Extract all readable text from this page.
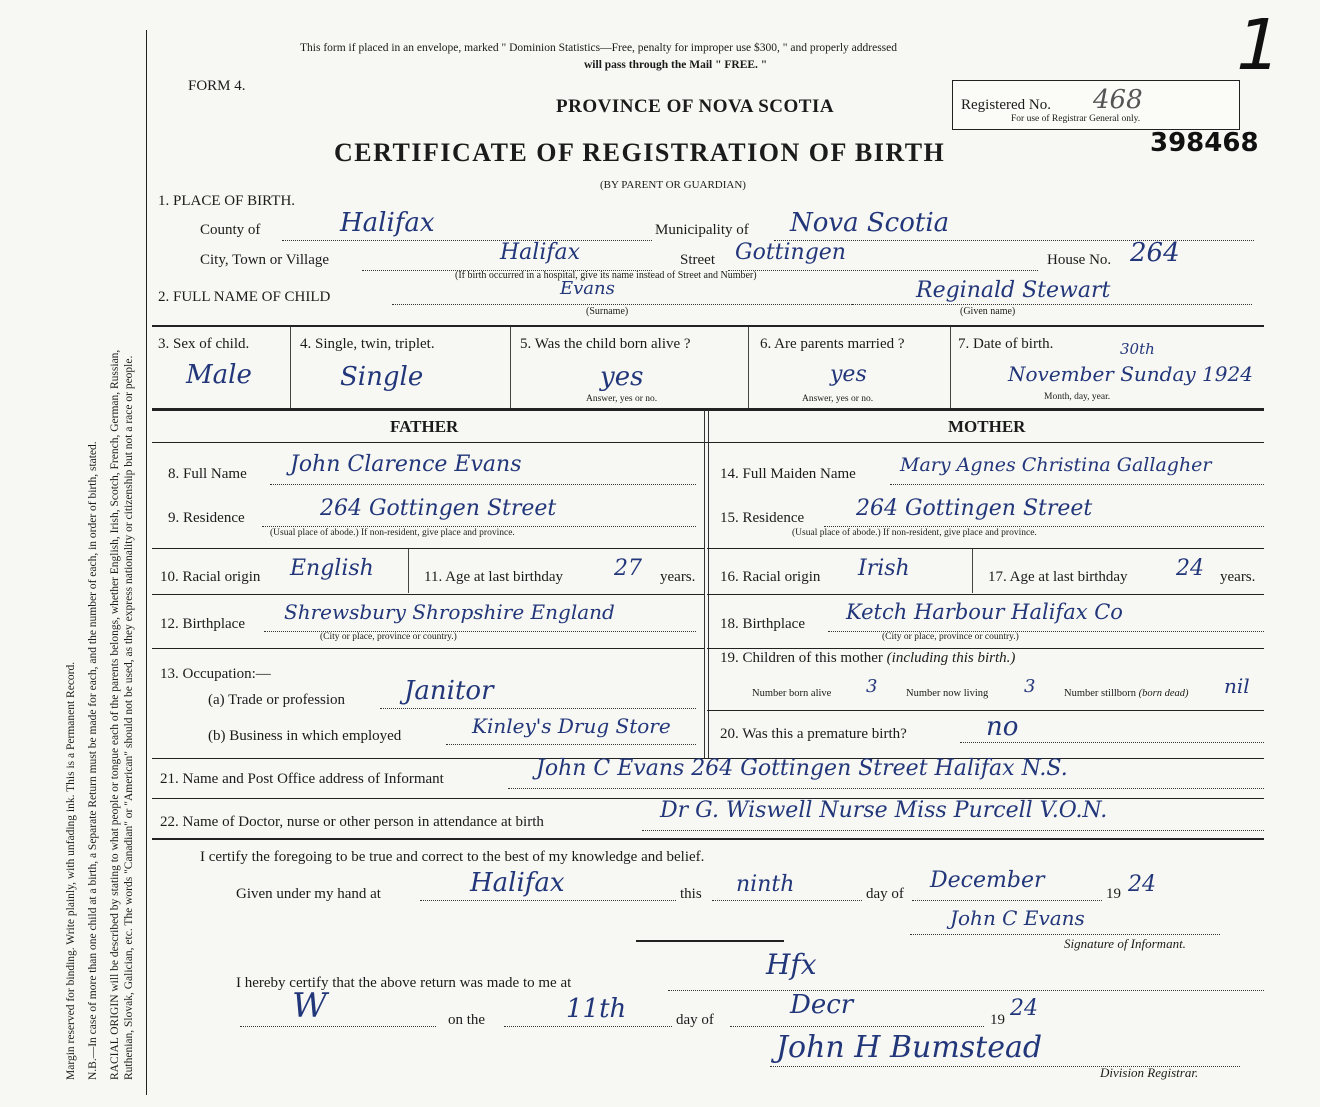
Margin reserved for binding. Write plainly, with unfading ink. This is a Permanent Record. N.B.—In case of more than one child at a birth, a Separate Return must be made for each, and the number of each, in order of birth, stated. RACIAL ORIGIN will be described by stating to what people or tongue each of the parents belongs, whether English, Irish, Scotch, French, German, Russian, Ruthenian, Slovak, Galician, etc. The words "Canadian" or "American" should not be used, as they express nationality or citizenship but not a race or people.
This form if placed in an envelope, marked " Dominion Statistics—Free, penalty for improper use $300, " and properly addressed
will pass through the Mail " FREE. "
FORM 4.
PROVINCE OF NOVA SCOTIA
CERTIFICATE OF REGISTRATION OF BIRTH
(BY PARENT OR GUARDIAN)
Registered No. 468
For use of Registrar General only.
398468
1
1. PLACE OF BIRTH.
County of	Halifax	Municipality of Nova Scotia
City, Town or Village	Halifax	Street Gottingen	House No. 264
(If birth occurred in a hospital, give its name instead of Street and Number)
2. FULL NAME OF CHILD	Evans
(Surname)
Reginald Stewart
(Given name)
3. Sex of child.
Male
4. Single, twin, triplet.
Single
5. Was the child born alive ?
yes
Answer, yes or no.
6. Are parents married ?
yes
Answer, yes or no.
7. Date of birth.	30th
November Sunday 1924
Month, day, year.
FATHER	MOTHER
8. Full Name John Clarence Evans
9. Residence	264 Gottingen Street
(Usual place of abode.) If non-resident, give place and province.
10. Racial origin English	11. Age at last birthday 27 years.
12. Birthplace Shrewsbury Shropshire England
(City or place, province or country.)
13. Occupation:—
(a) Trade or profession Janitor
(b) Business in which employed	Kinley's Drug Store
14. Full Maiden Name Mary Agnes Christina Gallagher
15. Residence 264 Gottingen Street
(Usual place of abode.) If non-resident, give place and province.
16. Racial origin Irish	17. Age at last birthday 24 years.
18. Birthplace Ketch Harbour Halifax Co
(City or place, province or country.)
19. Children of this mother (including this birth.)
Number born alive 3	Number now living 3	Number stillborn (born dead) nil
20. Was this a premature birth?	no
21. Name and Post Office address of Informant	John C Evans 264 Gottingen Street Halifax N.S.
22. Name of Doctor, nurse or other person in attendance at birth	Dr G. Wiswell Nurse Miss Purcell V.O.N.
I certify the foregoing to be true and correct to the best of my knowledge and belief.
Given under my hand at	Halifax	this ninth	day of
December
19 24
John C Evans
Signature of Informant.
I hereby certify that the above return was made to me at
Hfx
W	on the	11th	day of	Decr	19 24
John H Bumstead
Division Registrar.
